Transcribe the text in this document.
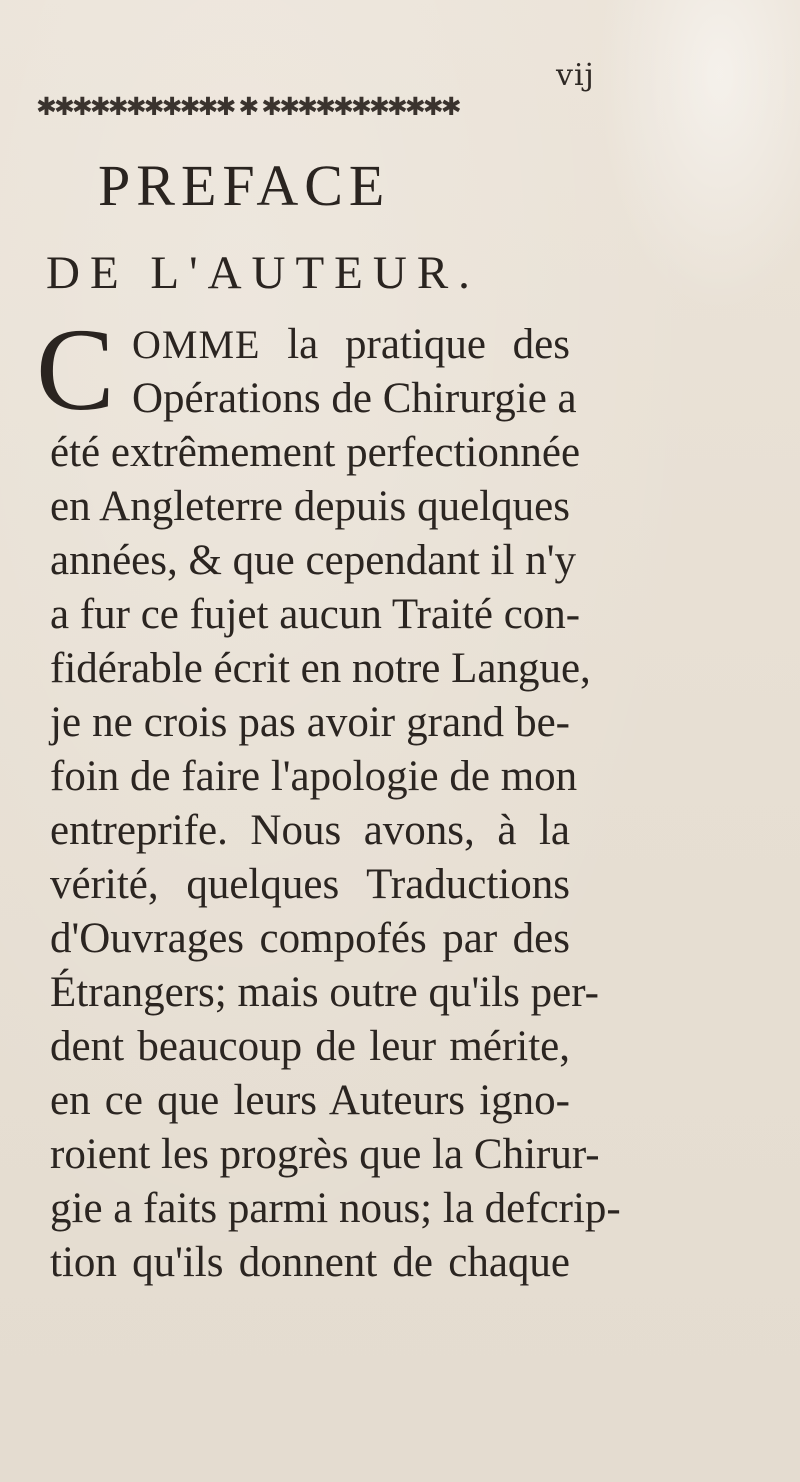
vij
✱✱✱✱✱✱✱✱✱✱✱ ✱ ✱✱✱✱✱✱✱✱✱✱✱
PREFACE
DE L'AUTEUR.
C OMME la pratique des
Opérations de Chirurgie a
été extrêmement perfectionnée
en Angleterre depuis quelques
années, & que cependant il n'y
a fur ce fujet aucun Traité con-
fidérable écrit en notre Langue,
je ne crois pas avoir grand be-
foin de faire l'apologie de mon
entreprife. Nous avons, à la
vérité, quelques Traductions
d'Ouvrages compofés par des
Étrangers; mais outre qu'ils per-
dent beaucoup de leur mérite,
en ce que leurs Auteurs igno-
roient les progrès que la Chirur-
gie a faits parmi nous; la defcrip-
tion qu'ils donnent de chaque
